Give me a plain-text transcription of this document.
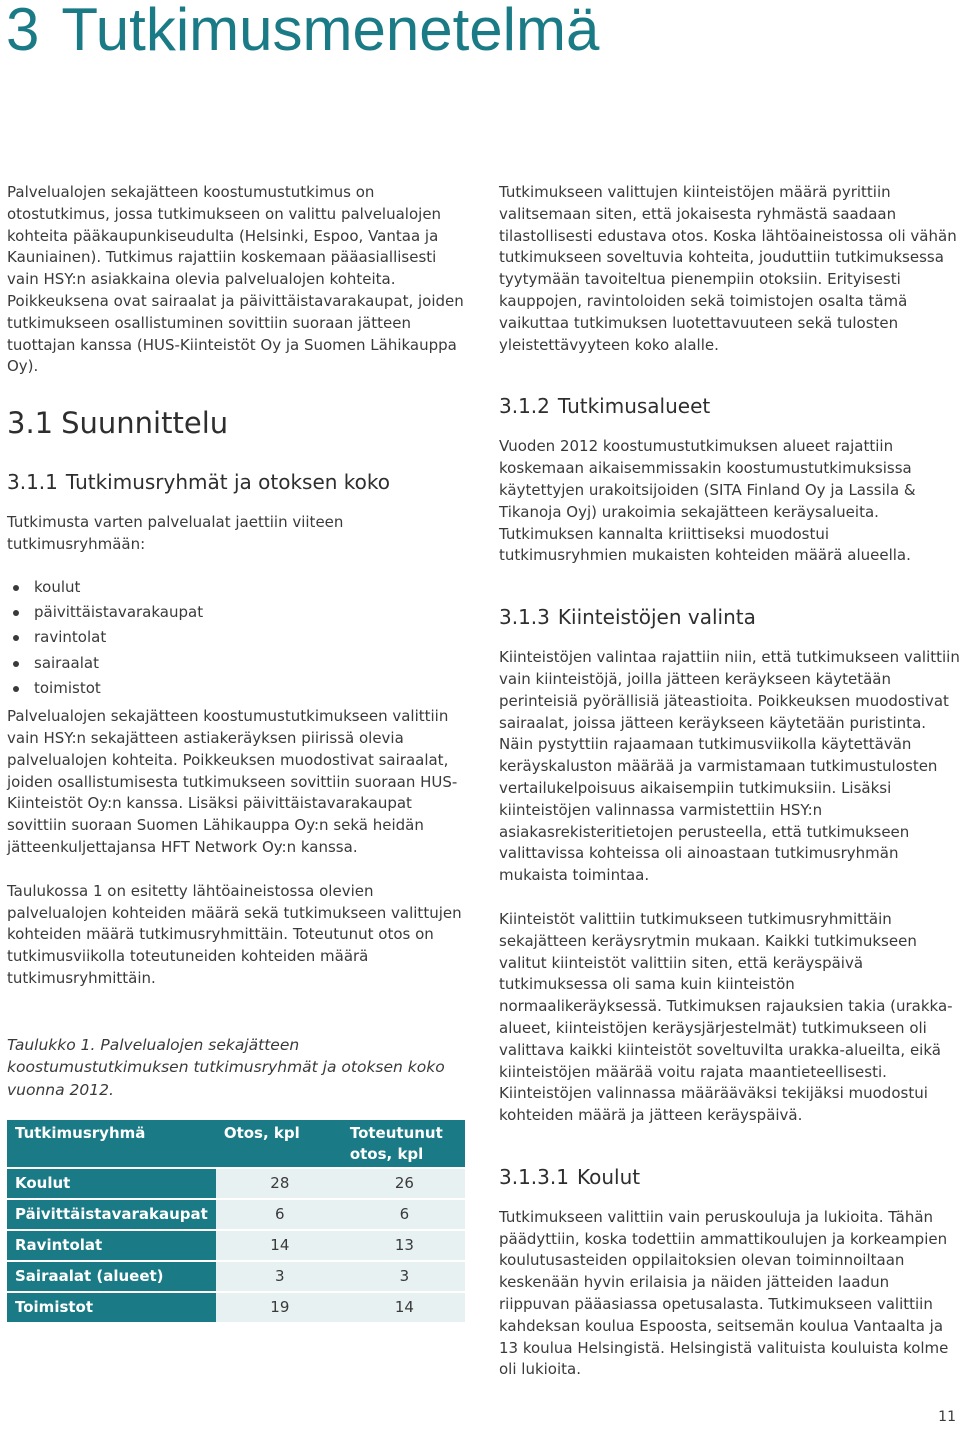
3 Tutkimusmenetelmä

Palvelualojen sekajätteen koostumustutkimus on otostutkimus, jossa tutkimukseen on valittu palvelualojen kohteita pääkaupunkiseudulta (Helsinki, Espoo, Vantaa ja Kauniainen). Tutkimus rajattiin koskemaan pääasiallisesti vain HSY:n asiakkaina olevia palvelualojen kohteita. Poikkeuksena ovat sairaalat ja päivittäistavarakaupat, joiden tutkimukseen osallistuminen sovittiin suoraan jätteen tuottajan kanssa (HUS-Kiinteistöt Oy ja Suomen Lähikauppa Oy).

3.1 Suunnittelu
3.1.1 Tutkimusryhmät ja otoksen koko

Tutkimusta varten palvelualat jaettiin viiteen tutkimusryhmään:

koulut
päivittäistavarakaupat
ravintolat
sairaalat
toimistot

Palvelualojen sekajätteen koostumustutkimukseen valittiin vain HSY:n sekajätteen astiakeräyksen piirissä olevia palvelualojen kohteita. Poikkeuksen muodostivat sairaalat, joiden osallistumisesta tutkimukseen sovittiin suoraan HUS-Kiinteistöt Oy:n kanssa. Lisäksi päivittäistavarakaupat sovittiin suoraan Suomen Lähikauppa Oy:n sekä heidän jätteenkuljettajansa HFT Network Oy:n kanssa.

Taulukossa 1 on esitetty lähtöaineistossa olevien palvelualojen kohteiden määrä sekä tutkimukseen valittujen kohteiden määrä tutkimusryhmittäin. Toteutunut otos on tutkimusviikolla toteutuneiden kohteiden määrä tutkimusryhmittäin.

Taulukko 1. Palvelualojen sekajätteen koostumustutkimuksen tutkimusryhmät ja otoksen koko vuonna 2012.

Tutkimusryhmä	Otos, kpl	Toteutunut otos, kpl
Koulut	28	26
Päivittäistavarakaupat	6	6
Ravintolat	14	13
Sairaalat (alueet)	3	3
Toimistot	19	14

Tutkimukseen valittujen kiinteistöjen määrä pyrittiin valitsemaan siten, että jokaisesta ryhmästä saadaan tilastollisesti edustava otos. Koska lähtöaineistossa oli vähän tutkimukseen soveltuvia kohteita, jouduttiin tutkimuksessa tyytymään tavoiteltua pienempiin otoksiin. Erityisesti kauppojen, ravintoloiden sekä toimistojen osalta tämä vaikuttaa tutkimuksen luotettavuuteen sekä tulosten yleistettävyyteen koko alalle.

3.1.2 Tutkimusalueet

Vuoden 2012 koostumustutkimuksen alueet rajattiin koskemaan aikaisemmissakin koostumustutkimuksissa käytettyjen urakoitsijoiden (SITA Finland Oy ja Lassila & Tikanoja Oyj) urakoimia sekajätteen keräysalueita. Tutkimuksen kannalta kriittiseksi muodostui tutkimusryhmien mukaisten kohteiden määrä alueella.

3.1.3 Kiinteistöjen valinta

Kiinteistöjen valintaa rajattiin niin, että tutkimukseen valittiin vain kiinteistöjä, joilla jätteen keräykseen käytetään perinteisiä pyörällisiä jäteastioita. Poikkeuksen muodostivat sairaalat, joissa jätteen keräykseen käytetään puristinta. Näin pystyttiin rajaamaan tutkimusviikolla käytettävän keräyskaluston määrää ja varmistamaan tutkimustulosten vertailukelpoisuus aikaisempiin tutkimuksiin. Lisäksi kiinteistöjen valinnassa varmistettiin HSY:n asiakasrekisteritietojen perusteella, että tutkimukseen valittavissa kohteissa oli ainoastaan tutkimusryhmän mukaista toimintaa.

Kiinteistöt valittiin tutkimukseen tutkimusryhmittäin sekajätteen keräysrytmin mukaan. Kaikki tutkimukseen valitut kiinteistöt valittiin siten, että keräyspäivä tutkimuksessa oli sama kuin kiinteistön normaalikeräyksessä. Tutkimuksen rajauksien takia (urakka-alueet, kiinteistöjen keräysjärjestelmät) tutkimukseen oli valittava kaikki kiinteistöt soveltuvilta urakka-alueilta, eikä kiinteistöjen määrää voitu rajata maantieteellisesti. Kiinteistöjen valinnassa määrääväksi tekijäksi muodostui kohteiden määrä ja jätteen keräyspäivä.

3.1.3.1 Koulut

Tutkimukseen valittiin vain peruskouluja ja lukioita. Tähän päädyttiin, koska todettiin ammattikoulujen ja korkeampien koulutusasteiden oppilaitoksien olevan toiminnoiltaan keskenään hyvin erilaisia ja näiden jätteiden laadun riippuvan pääasiassa opetusalasta. Tutkimukseen valittiin kahdeksan koulua Espoosta, seitsemän koulua Vantaalta ja 13 koulua Helsingistä. Helsingistä valituista kouluista kolme oli lukioita.

11
